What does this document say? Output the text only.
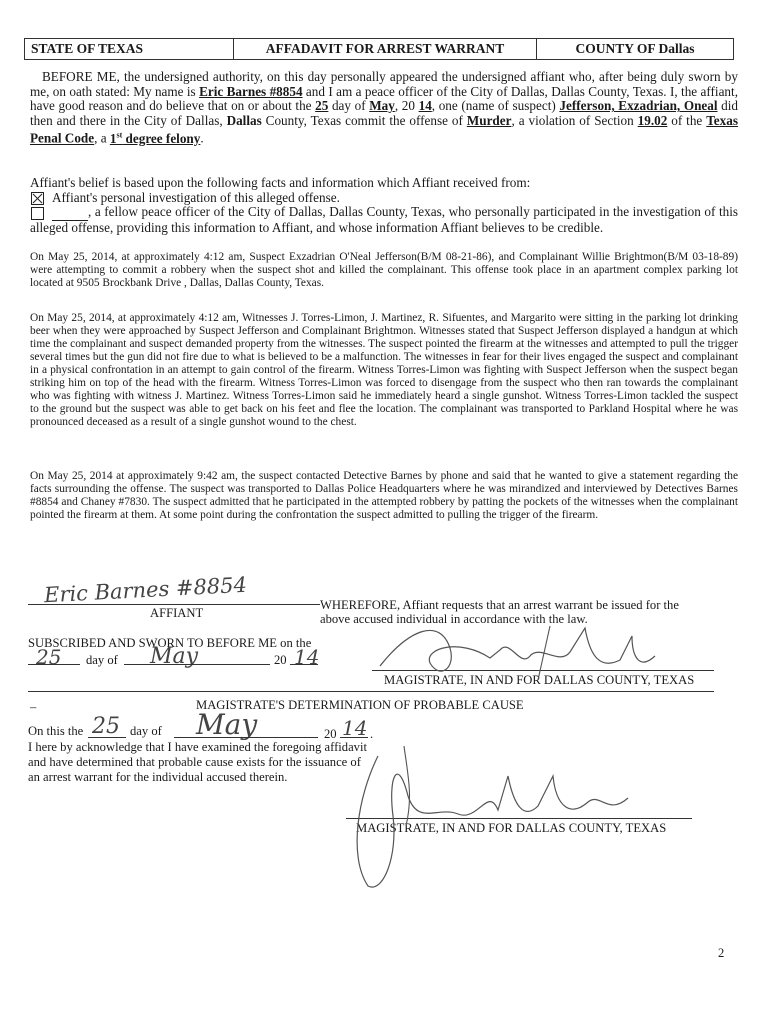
STATE OF TEXAS	AFFADAVIT FOR ARREST WARRANT	COUNTY OF Dallas
BEFORE ME, the undersigned authority, on this day personally appeared the undersigned affiant who, after being duly sworn by me, on oath stated: My name is Eric Barnes #8854 and I am a peace officer of the City of Dallas, Dallas County, Texas. I, the affiant, have good reason and do believe that on or about the 25 day of May, 20 14, one (name of suspect) Jefferson, Exzadrian, Oneal did then and there in the City of Dallas, Dallas County, Texas commit the offense of Murder, a violation of Section 19.02 of the Texas Penal Code, a 1st degree felony.
Affiant's belief is based upon the following facts and information which Affiant received from:
Affiant's personal investigation of this alleged offense.
, a fellow peace officer of the City of Dallas, Dallas County, Texas, who personally participated in the investigation of this alleged offense, providing this information to Affiant, and whose information Affiant believes to be credible.
On May 25, 2014, at approximately 4:12 am, Suspect Exzadrian O'Neal Jefferson(B/M 08-21-86), and Complainant Willie Brightmon(B/M 03-18-89) were attempting to commit a robbery when the suspect shot and killed the complainant. This offense took place in an apartment complex parking lot located at 9505 Brockbank Drive , Dallas, Dallas County, Texas.
On May 25, 2014, at approximately 4:12 am, Witnesses J. Torres-Limon, J. Martinez, R. Sifuentes, and Margarito were sitting in the parking lot drinking beer when they were approached by Suspect Jefferson and Complainant Brightmon. Witnesses stated that Suspect Jefferson displayed a handgun at which time the complainant and suspect demanded property from the witnesses. The suspect pointed the firearm at the witnesses and attempted to pull the trigger several times but the gun did not fire due to what is believed to be a malfunction. The witnesses in fear for their lives engaged the suspect and complainant in a physical confrontation in an attempt to gain control of the firearm. Witness Torres-Limon was fighting with Suspect Jefferson when the suspect began striking him on top of the head with the firearm. Witness Torres-Limon was forced to disengage from the suspect who then ran towards the complainant who was fighting with witness J. Martinez. Witness Torres-Limon said he immediately heard a single gunshot. Witness Torres-Limon tackled the suspect to the ground but the suspect was able to get back on his feet and flee the location. The complainant was transported to Parkland Hospital where he was pronounced deceased as a result of a single gunshot wound to the chest.
On May 25, 2014 at approximately 9:42 am, the suspect contacted Detective Barnes by phone and said that he wanted to give a statement regarding the facts surrounding the offense. The suspect was transported to Dallas Police Headquarters where he was mirandized and interviewed by Detectives Barnes #8854 and Chaney #7830. The suspect admitted that he participated in the attempted robbery by patting the pockets of the witnesses when the complainant pointed the firearm at them. At some point during the confrontation the suspect admitted to pulling the trigger of the firearm.
Eric Barnes #8854
AFFIANT
WHEREFORE, Affiant requests that an arrest warrant be issued for the above accused individual in accordance with the law.
SUBSCRIBED AND SWORN TO BEFORE ME on the
25 day of May	20 14
MAGISTRATE, IN AND FOR DALLAS COUNTY, TEXAS
–	MAGISTRATE'S DETERMINATION OF PROBABLE CAUSE
On this the 25 day of May	20 14 .
I here by acknowledge that I have examined the foregoing affidavit
and have determined that probable cause exists for the issuance of
an arrest warrant for the individual accused therein.
MAGISTRATE, IN AND FOR DALLAS COUNTY, TEXAS
2
